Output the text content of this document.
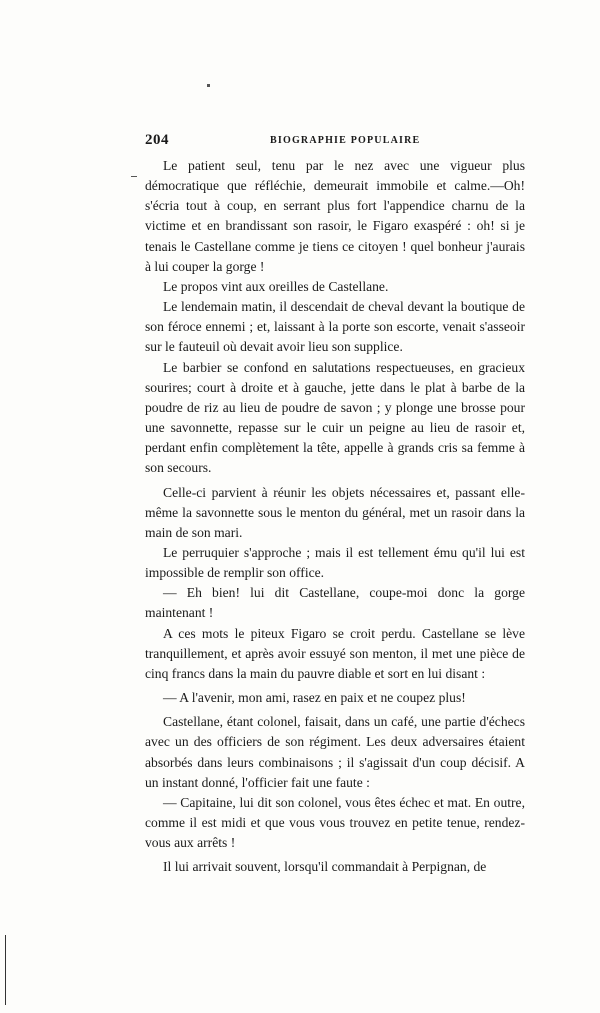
204	BIOGRAPHIE POPULAIRE

Le patient seul, tenu par le nez avec une vigueur plus démocratique que réfléchie, demeurait immobile et calme.—Oh! s'écria tout à coup, en serrant plus fort l'appendice charnu de la victime et en brandissant son rasoir, le Figaro exaspéré : oh! si je tenais le Castellane comme je tiens ce citoyen ! quel bonheur j'aurais à lui couper la gorge !

Le propos vint aux oreilles de Castellane.

Le lendemain matin, il descendait de cheval devant la boutique de son féroce ennemi ; et, laissant à la porte son escorte, venait s'asseoir sur le fauteuil où devait avoir lieu son supplice.

Le barbier se confond en salutations respectueuses, en gracieux sourires; court à droite et à gauche, jette dans le plat à barbe de la poudre de riz au lieu de poudre de savon ; y plonge une brosse pour une savonnette, repasse sur le cuir un peigne au lieu de rasoir et, perdant enfin complètement la tête, appelle à grands cris sa femme à son secours.

Celle-ci parvient à réunir les objets nécessaires et, passant elle-même la savonnette sous le menton du général, met un rasoir dans la main de son mari.

Le perruquier s'approche ; mais il est tellement ému qu'il lui est impossible de remplir son office.

— Eh bien! lui dit Castellane, coupe-moi donc la gorge maintenant !

A ces mots le piteux Figaro se croit perdu. Castellane se lève tranquillement, et après avoir essuyé son menton, il met une pièce de cinq francs dans la main du pauvre diable et sort en lui disant :

— A l'avenir, mon ami, rasez en paix et ne coupez plus!

Castellane, étant colonel, faisait, dans un café, une partie d'échecs avec un des officiers de son régiment. Les deux adversaires étaient absorbés dans leurs combinaisons ; il s'agissait d'un coup décisif. A un instant donné, l'officier fait une faute :

— Capitaine, lui dit son colonel, vous êtes échec et mat. En outre, comme il est midi et que vous vous trouvez en petite tenue, rendez-vous aux arrêts !

Il lui arrivait souvent, lorsqu'il commandait à Perpignan, de
